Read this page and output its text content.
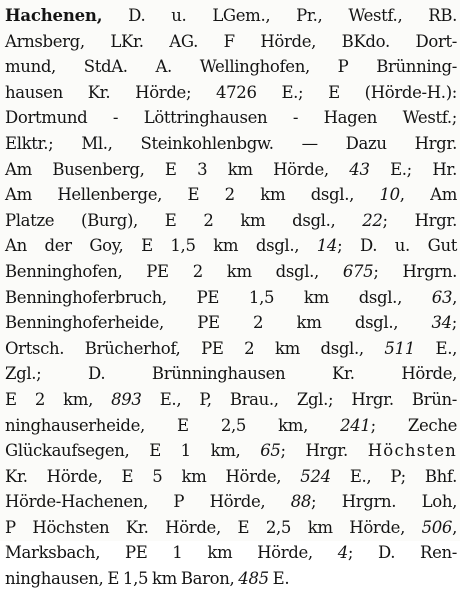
Hachenen, D. u. LGem., Pr., Westf., RB.
Arnsberg, LKr. AG. F Hörde, BKdo. Dort-
mund, StdA. A. Wellinghofen, P Brünning-
hausen Kr. Hörde; 4726 E.; E (Hörde-H.):
Dortmund - Löttringhausen - Hagen Westf.;
Elktr.; Ml., Steinkohlenbgw. — Dazu Hrgr.
Am Busenberg, E 3 km Hörde, 43 E.; Hr.
Am Hellenberge, E 2 km dsgl., 10, Am
Platze (Burg), E 2 km dsgl., 22; Hrgr.
An der Goy, E 1,5 km dsgl., 14; D. u. Gut
Benninghofen, PE 2 km dsgl., 675; Hrgrn.
Benninghoferbruch, PE 1,5 km dsgl., 63,
Benninghoferheide, PE 2 km dsgl., 34;
Ortsch. Brücherhof, PE 2 km dsgl., 511 E.,
Zgl.; D. Brünninghausen Kr. Hörde,
E 2 km, 893 E., P, Brau., Zgl.; Hrgr. Brün-
ninghauserheide, E 2,5 km, 241; Zeche
Glückaufsegen, E 1 km, 65; Hrgr. Höchsten
Kr. Hörde, E 5 km Hörde, 524 E., P; Bhf.
Hörde-Hachenen, P Hörde, 88; Hrgrn. Loh,
P Höchsten Kr. Hörde, E 2,5 km Hörde, 506,
Marksbach, PE 1 km Hörde, 4; D. Ren-
ninghausen, E 1,5 km Baron, 485 E.
